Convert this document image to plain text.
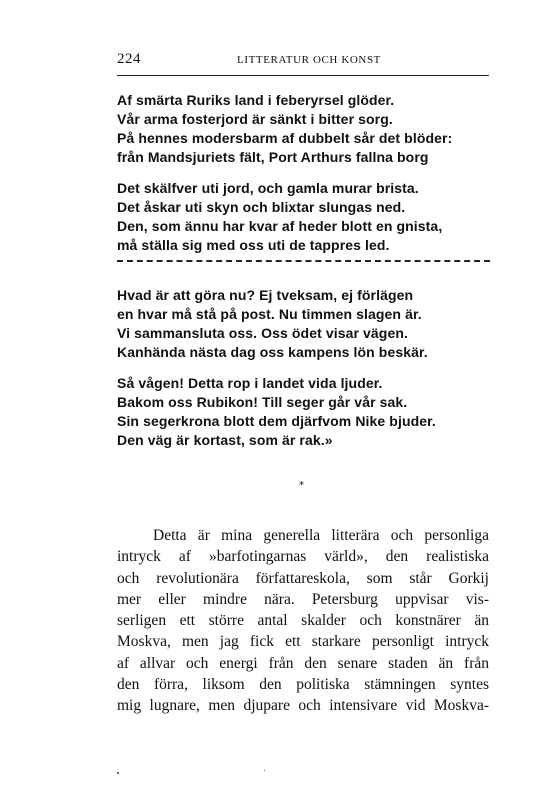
224	LITTERATUR OCH KONST
Af smärta Ruriks land i feberyrsel glöder.
Vår arma fosterjord är sänkt i bitter sorg.
På hennes modersbarm af dubbelt sår det blöder:
från Mandsjuriets fält, Port Arthurs fallna borg
Det skälfver uti jord, och gamla murar brista.
Det åskar uti skyn och blixtar slungas ned.
Den, som ännu har kvar af heder blott en gnista,
må ställa sig med oss uti de tappres led.
Hvad är att göra nu? Ej tveksam, ej förlägen
en hvar må stå på post. Nu timmen slagen är.
Vi sammansluta oss. Oss ödet visar vägen.
Kanhända nästa dag oss kampens lön beskär.
Så vågen! Detta rop i landet vida ljuder.
Bakom oss Rubikon! Till seger går vår sak.
Sin segerkrona blott dem djärfvom Nike bjuder.
Den väg är kortast, som är rak.»
*
Detta är mina generella litterära och personliga
intryck af »barfotingarnas värld», den realistiska
och revolutionära författareskola, som står Gorkij
mer eller mindre nära. Petersburg uppvisar vis-
serligen ett större antal skalder och konstnärer än
Moskva, men jag fick ett starkare personligt intryck
af allvar och energi från den senare staden än från
den förra, liksom den politiska stämningen syntes
mig lugnare, men djupare och intensivare vid Moskva-
